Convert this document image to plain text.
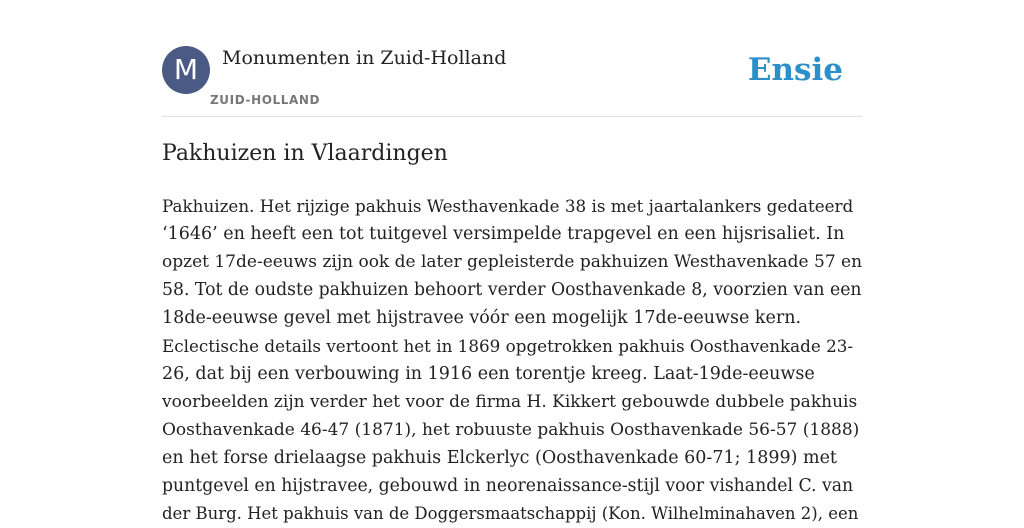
M	Monumenten in Zuid-Holland
ZUID-HOLLAND
Ensie
Pakhuizen in Vlaardingen

Pakhuizen. Het rijzige pakhuis Westhavenkade 38 is met jaartalankers gedateerd
‘1646’ en heeft een tot tuitgevel versimpelde trapgevel en een hijsrisaliet. In
opzet 17de-eeuws zijn ook de later gepleisterde pakhuizen Westhavenkade 57 en
58. Tot de oudste pakhuizen behoort verder Oosthavenkade 8, voorzien van een
18de-eeuwse gevel met hijstravee vóór een mogelijk 17de-eeuwse kern.
Eclectische details vertoont het in 1869 opgetrokken pakhuis Oosthavenkade 23-
26, dat bij een verbouwing in 1916 een torentje kreeg. Laat-19de-eeuwse
voorbeelden zijn verder het voor de firma H. Kikkert gebouwde dubbele pakhuis
Oosthavenkade 46-47 (1871), het robuuste pakhuis Oosthavenkade 56-57 (1888)
en het forse drielaagse pakhuis Elckerlyc (Oosthavenkade 60-71; 1899) met
puntgevel en hijstravee, gebouwd in neorenaissance-stijl voor vishandel C. van
der Burg. Het pakhuis van de Doggersmaatschappij (Kon. Wilhelminahaven 2), een
